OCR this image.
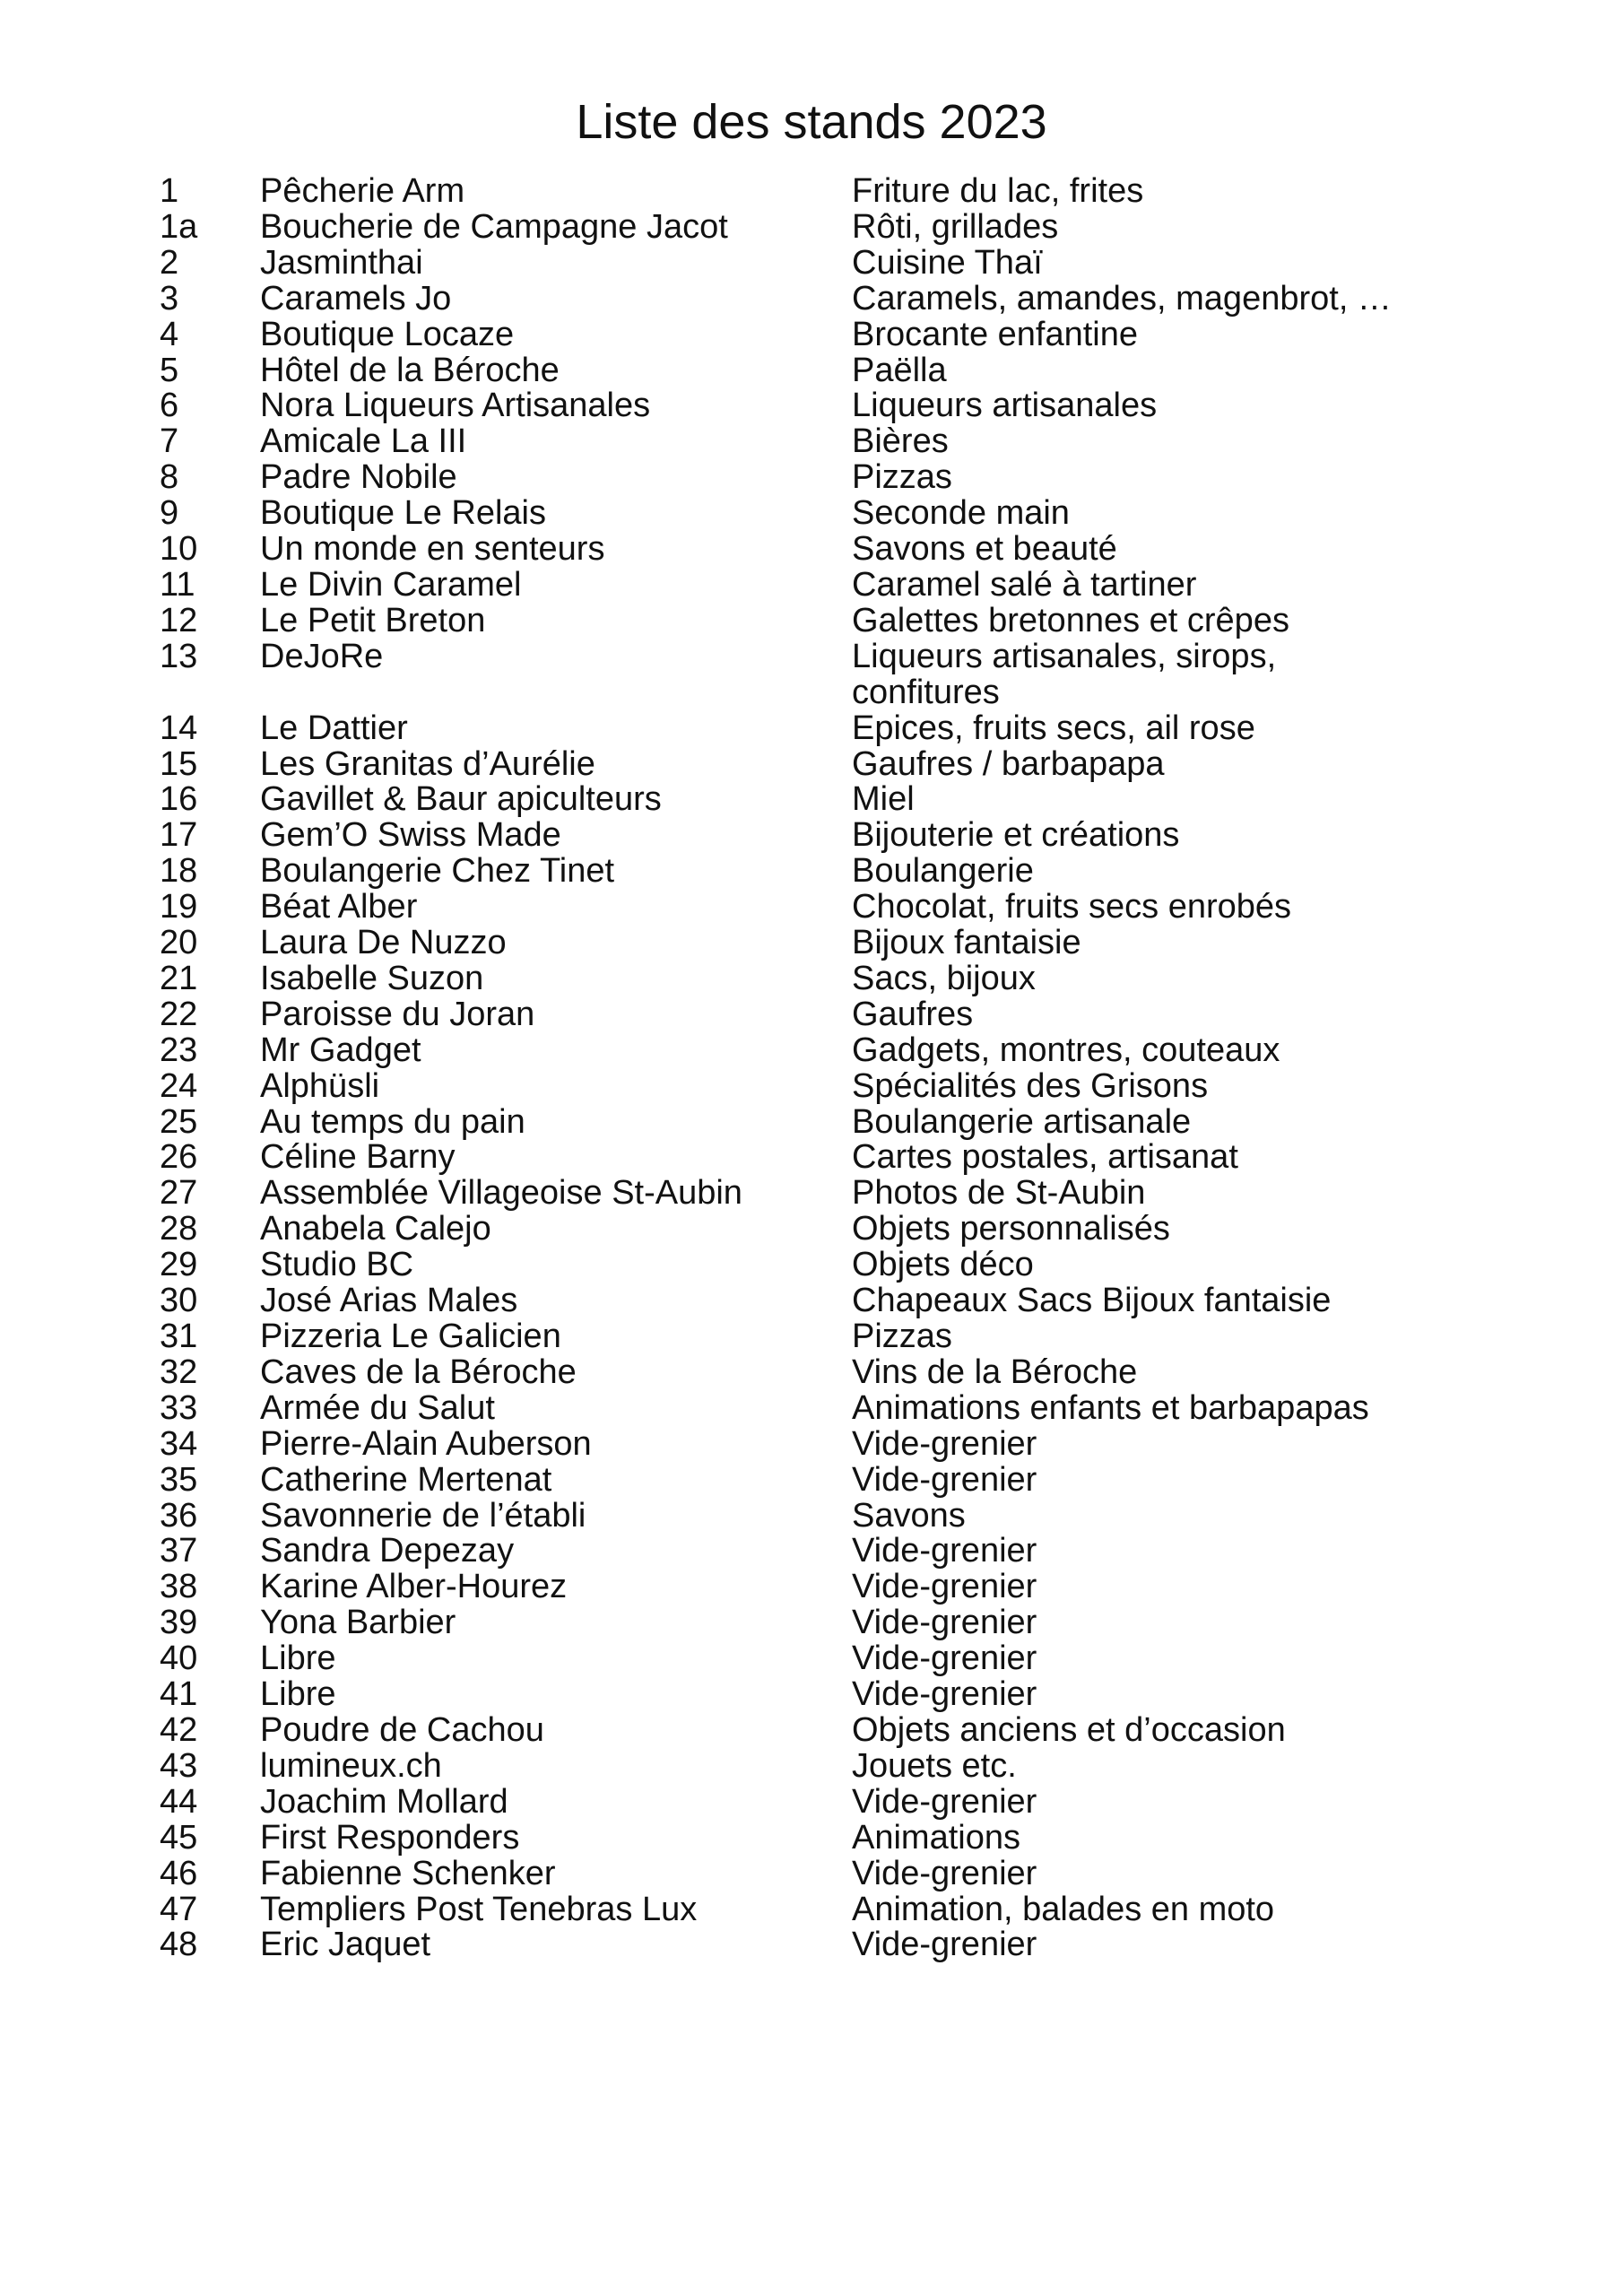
Liste des stands 2023
1	Pêcherie Arm	Friture du lac, frites
1a	Boucherie de Campagne Jacot	Rôti, grillades
2	Jasminthai	Cuisine Thaï
3	Caramels Jo	Caramels, amandes, magenbrot, …
4	Boutique Locaze	Brocante enfantine
5	Hôtel de la Béroche	Paëlla
6	Nora Liqueurs Artisanales	Liqueurs artisanales
7	Amicale La III	Bières
8	Padre Nobile	Pizzas
9	Boutique Le Relais	Seconde main
10	Un monde en senteurs	Savons et beauté
11	Le Divin Caramel	Caramel salé à tartiner
12	Le Petit Breton	Galettes bretonnes et crêpes
13	DeJoRe	Liqueurs artisanales, sirops,
confitures
14	Le Dattier	Epices, fruits secs, ail rose
15	Les Granitas d’Aurélie	Gaufres / barbapapa
16	Gavillet & Baur apiculteurs	Miel
17	Gem’O Swiss Made	Bijouterie et créations
18	Boulangerie Chez Tinet	Boulangerie
19	Béat Alber	Chocolat, fruits secs enrobés
20	Laura De Nuzzo	Bijoux fantaisie
21	Isabelle Suzon	Sacs, bijoux
22	Paroisse du Joran	Gaufres
23	Mr Gadget	Gadgets, montres, couteaux
24	Alphüsli	Spécialités des Grisons
25	Au temps du pain	Boulangerie artisanale
26	Céline Barny	Cartes postales, artisanat
27	Assemblée Villageoise St-Aubin	Photos de St-Aubin
28	Anabela Calejo	Objets personnalisés
29	Studio BC	Objets déco
30	José Arias Males	Chapeaux Sacs Bijoux fantaisie
31	Pizzeria Le Galicien	Pizzas
32	Caves de la Béroche	Vins de la Béroche
33	Armée du Salut	Animations enfants et barbapapas
34	Pierre-Alain Auberson	Vide-grenier
35	Catherine Mertenat	Vide-grenier
36	Savonnerie de l’établi	Savons
37	Sandra Depezay	Vide-grenier
38	Karine Alber-Hourez	Vide-grenier
39	Yona Barbier	Vide-grenier
40	Libre	Vide-grenier
41	Libre	Vide-grenier
42	Poudre de Cachou	Objets anciens et d’occasion
43	lumineux.ch	Jouets etc.
44	Joachim Mollard	Vide-grenier
45	First Responders	Animations
46	Fabienne Schenker	Vide-grenier
47	Templiers Post Tenebras Lux	Animation, balades en moto
48	Eric Jaquet	Vide-grenier
